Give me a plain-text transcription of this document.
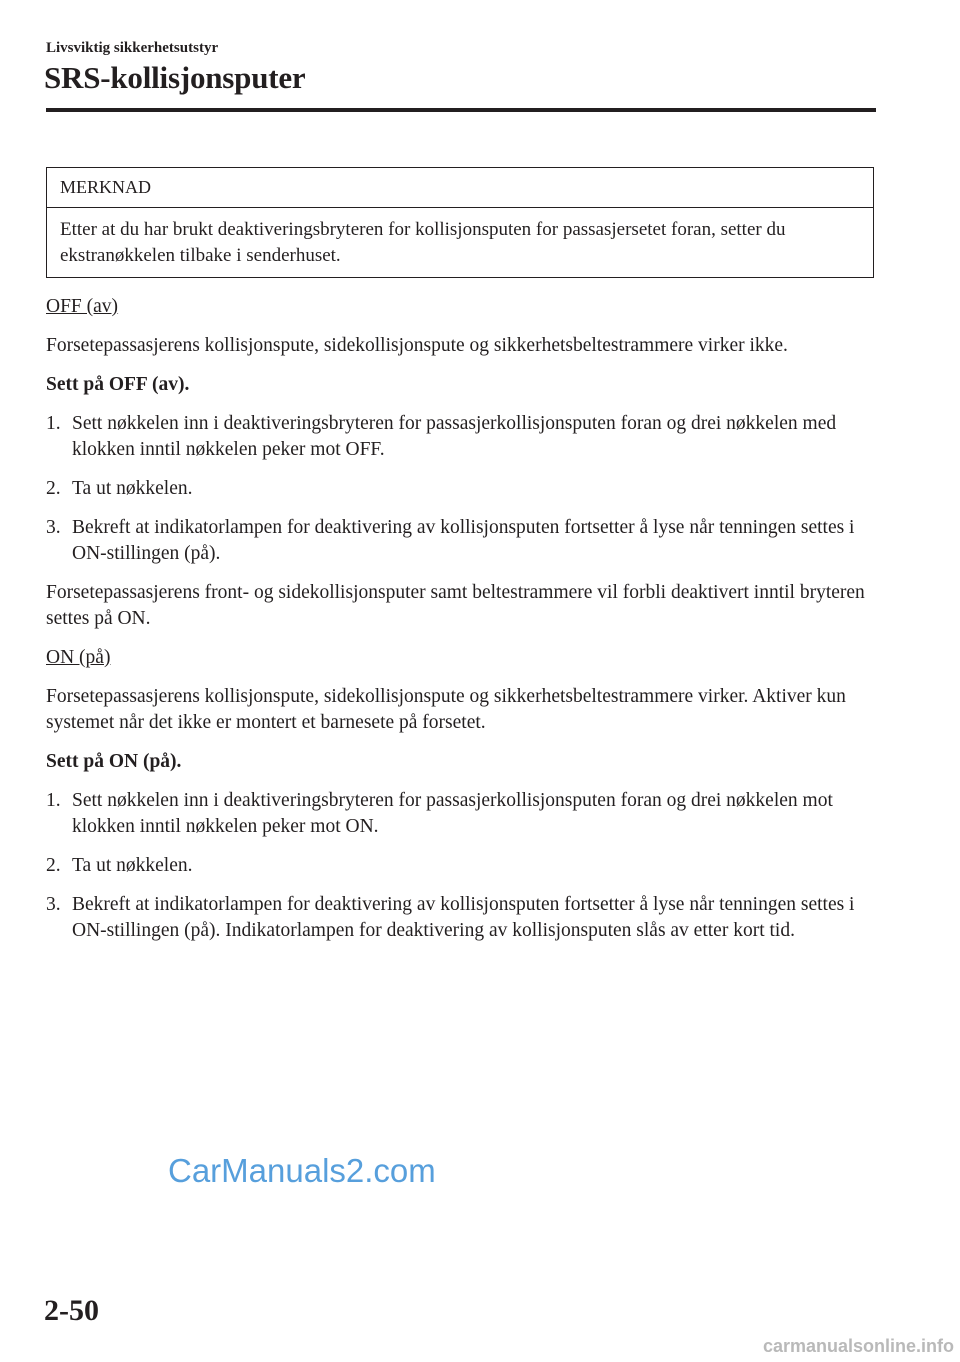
Livsviktig sikkerhetsutstyr
SRS-kollisjonsputer
MERKNAD
Etter at du har brukt deaktiveringsbryteren for kollisjonsputen for passasjersetet foran, setter du ekstranøkkelen tilbake i senderhuset.

OFF (av)

Forsetepassasjerens kollisjonspute, sidekollisjonspute og sikkerhetsbeltestrammere virker ikke.

Sett på OFF (av).

1. Sett nøkkelen inn i deaktiveringsbryteren for passasjerkollisjonsputen foran og drei nøkkelen med klokken inntil nøkkelen peker mot OFF.
2. Ta ut nøkkelen.
3. Bekreft at indikatorlampen for deaktivering av kollisjonsputen fortsetter å lyse når tenningen settes i ON-stillingen (på).

Forsetepassasjerens front- og sidekollisjonsputer samt beltestrammere vil forbli deaktivert inntil bryteren settes på ON.

ON (på)

Forsetepassasjerens kollisjonspute, sidekollisjonspute og sikkerhetsbeltestrammere virker. Aktiver kun systemet når det ikke er montert et barnesete på forsetet.

Sett på ON (på).

1. Sett nøkkelen inn i deaktiveringsbryteren for passasjerkollisjonsputen foran og drei nøkkelen mot klokken inntil nøkkelen peker mot ON.
2. Ta ut nøkkelen.
3. Bekreft at indikatorlampen for deaktivering av kollisjonsputen fortsetter å lyse når tenningen settes i ON-stillingen (på). Indikatorlampen for deaktivering av kollisjonsputen slås av etter kort tid.
CarManuals2.com
2-50
carmanualsonline.info
